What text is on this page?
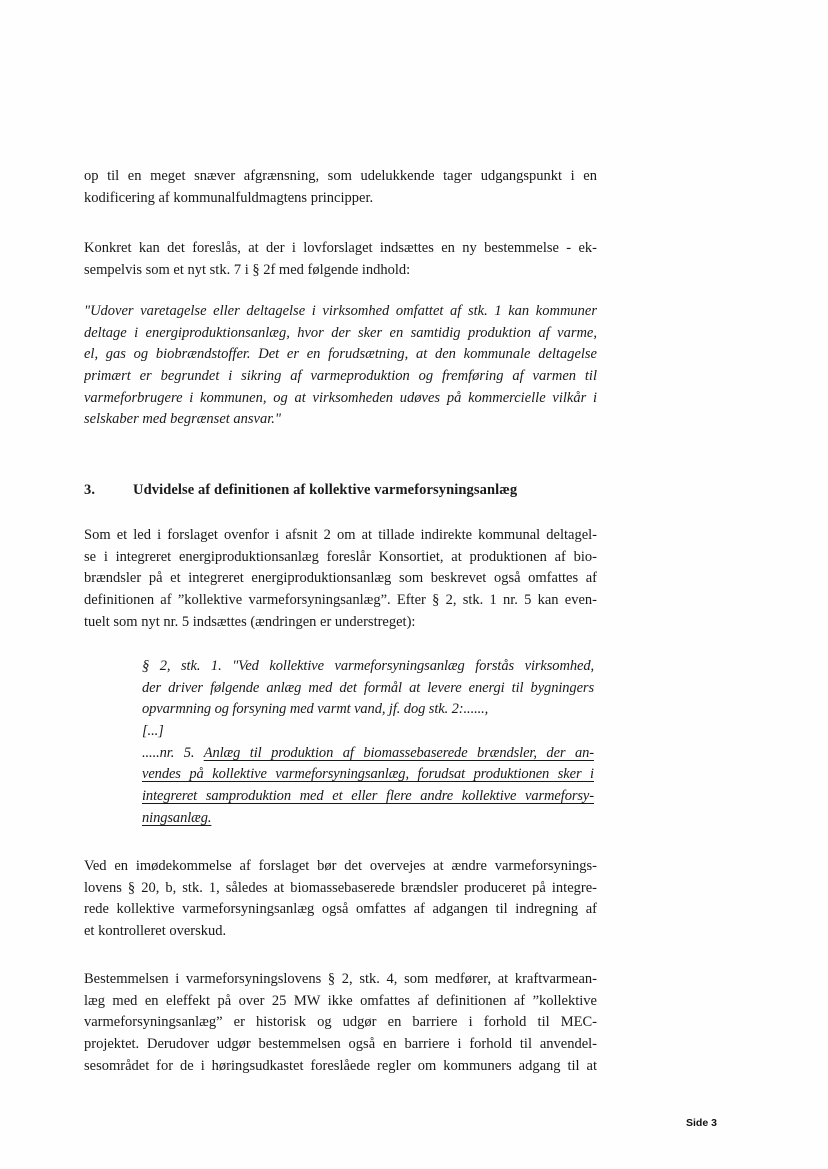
op til en meget snæver afgrænsning, som udelukkende tager udgangspunkt i en
kodificering af kommunalfuldmagtens principper.
Konkret kan det foreslås, at der i lovforslaget indsættes en ny bestemmelse - ek-
sempelvis som et nyt stk. 7 i § 2f med følgende indhold:
"Udover varetagelse eller deltagelse i virksomhed omfattet af stk. 1 kan kommuner
deltage i energiproduktionsanlæg, hvor der sker en samtidig produktion af varme,
el, gas og biobrændstoffer. Det er en forudsætning, at den kommunale deltagelse
primært er begrundet i sikring af varmeproduktion og fremføring af varmen til
varmeforbrugere i kommunen, og at virksomheden udøves på kommercielle vilkår i
selskaber med begrænset ansvar."
3.	Udvidelse af definitionen af kollektive varmeforsyningsanlæg
Som et led i forslaget ovenfor i afsnit 2 om at tillade indirekte kommunal deltagel-
se i integreret energiproduktionsanlæg foreslår Konsortiet, at produktionen af bio-
brændsler på et integreret energiproduktionsanlæg som beskrevet også omfattes af
definitionen af ”kollektive varmeforsyningsanlæg”. Efter § 2, stk. 1 nr. 5 kan even-
tuelt som nyt nr. 5 indsættes (ændringen er understreget):
§ 2, stk. 1. "Ved kollektive varmeforsyningsanlæg forstås virksomhed,
der driver følgende anlæg med det formål at levere energi til bygningers
opvarmning og forsyning med varmt vand, jf. dog stk. 2:......,
[...]
.....nr. 5. Anlæg til produktion af biomassebaserede brændsler, der an-
vendes på kollektive varmeforsyningsanlæg, forudsat produktionen sker i
integreret samproduktion med et eller flere andre kollektive varmeforsy-
ningsanlæg.
Ved en imødekommelse af forslaget bør det overvejes at ændre varmeforsynings-
lovens § 20, b, stk. 1, således at biomassebaserede brændsler produceret på integre-
rede kollektive varmeforsyningsanlæg også omfattes af adgangen til indregning af
et kontrolleret overskud.
Bestemmelsen i varmeforsyningslovens § 2, stk. 4, som medfører, at kraftvarmean-
læg med en eleffekt på over 25 MW ikke omfattes af definitionen af ”kollektive
varmeforsyningsanlæg” er historisk og udgør en barriere i forhold til MEC-
projektet. Derudover udgør bestemmelsen også en barriere i forhold til anvendel-
sesområdet for de i høringsudkastet foreslåede regler om kommuners adgang til at
Side 3
